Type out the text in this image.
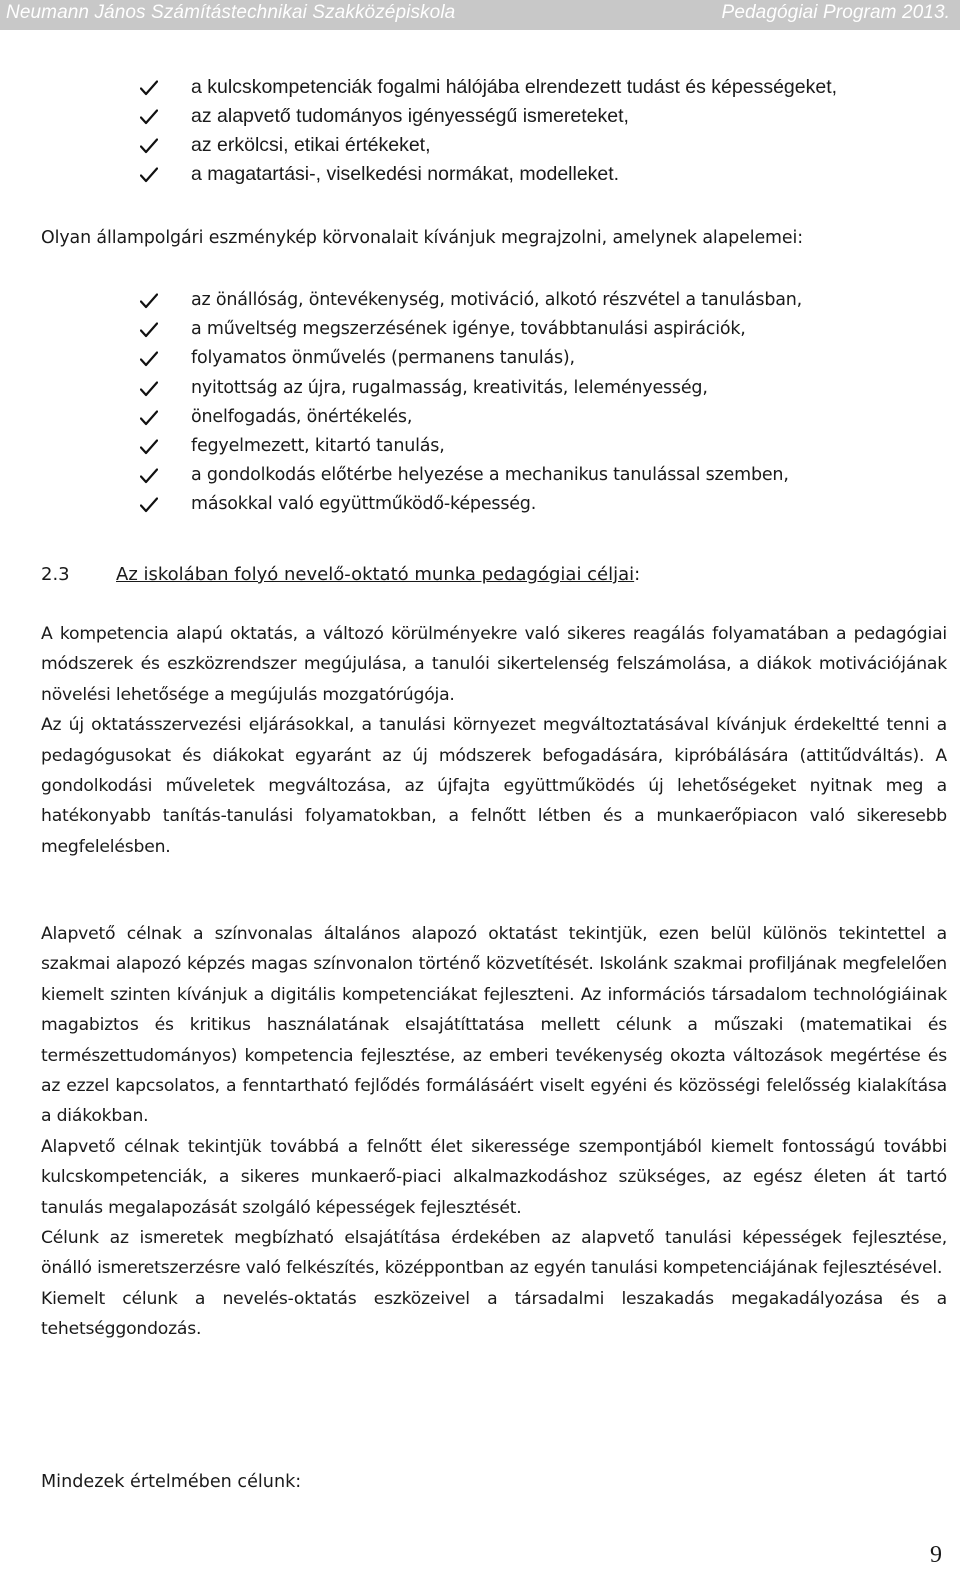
Neumann János Számítástechnikai Szakközépiskola	Pedagógiai Program 2013.
a kulcskompetenciák fogalmi hálójába elrendezett tudást és képességeket,
az alapvető tudományos igényességű ismereteket,
az erkölcsi, etikai értékeket,
a magatartási-, viselkedési normákat, modelleket.

Olyan állampolgári eszménykép körvonalait kívánjuk megrajzolni, amelynek alapelemei:

az önállóság, öntevékenység, motiváció, alkotó részvétel a tanulásban,
a műveltség megszerzésének igénye, továbbtanulási aspirációk,
folyamatos önművelés (permanens tanulás),
nyitottság az újra, rugalmasság, kreativitás, leleményesség,
önelfogadás, önértékelés,
fegyelmezett, kitartó tanulás,
a gondolkodás előtérbe helyezése a mechanikus tanulással szemben,
másokkal való együttműködő-képesség.
2.3	Az iskolában folyó nevelő-oktató munka pedagógiai céljai:

A kompetencia alapú oktatás, a változó körülményekre való sikeres reagálás folyamatában a pedagógiai módszerek és eszközrendszer megújulása, a tanulói sikertelenség felszámolása, a diákok motivációjának növelési lehetősége a megújulás mozgatórúgója.

Az új oktatásszervezési eljárásokkal, a tanulási környezet megváltoztatásával kívánjuk érdekeltté tenni a pedagógusokat és diákokat egyaránt az új módszerek befogadására, kipróbálására (attitűdváltás). A gondolkodási műveletek megváltozása, az újfajta együttműködés új lehetőségeket nyitnak meg a hatékonyabb tanítás-tanulási folyamatokban, a felnőtt létben és a munkaerőpiacon való sikeresebb megfelelésben.

Alapvető célnak a színvonalas általános alapozó oktatást tekintjük, ezen belül különös tekintettel a szakmai alapozó képzés magas színvonalon történő közvetítését. Iskolánk szakmai profiljának megfelelően kiemelt szinten kívánjuk a digitális kompetenciákat fejleszteni. Az információs társadalom technológiáinak magabiztos és kritikus használatának elsajátíttatása mellett célunk a műszaki (matematikai és természettudományos) kompetencia fejlesztése, az emberi tevékenység okozta változások megértése és az ezzel kapcsolatos, a fenntartható fejlődés formálásáért viselt egyéni és közösségi felelősség kialakítása a diákokban.

Alapvető célnak tekintjük továbbá a felnőtt élet sikeressége szempontjából kiemelt fontosságú további kulcskompetenciák, a sikeres munkaerő-piaci alkalmazkodáshoz szükséges, az egész életen át tartó tanulás megalapozását szolgáló képességek fejlesztését.

Célunk az ismeretek megbízható elsajátítása érdekében az alapvető tanulási képességek fejlesztése, önálló ismeretszerzésre való felkészítés, középpontban az egyén tanulási kompetenciájának fejlesztésével.

Kiemelt célunk a nevelés-oktatás eszközeivel a társadalmi leszakadás megakadályozása és a tehetséggondozás.

Mindezek értelmében célunk:

9
